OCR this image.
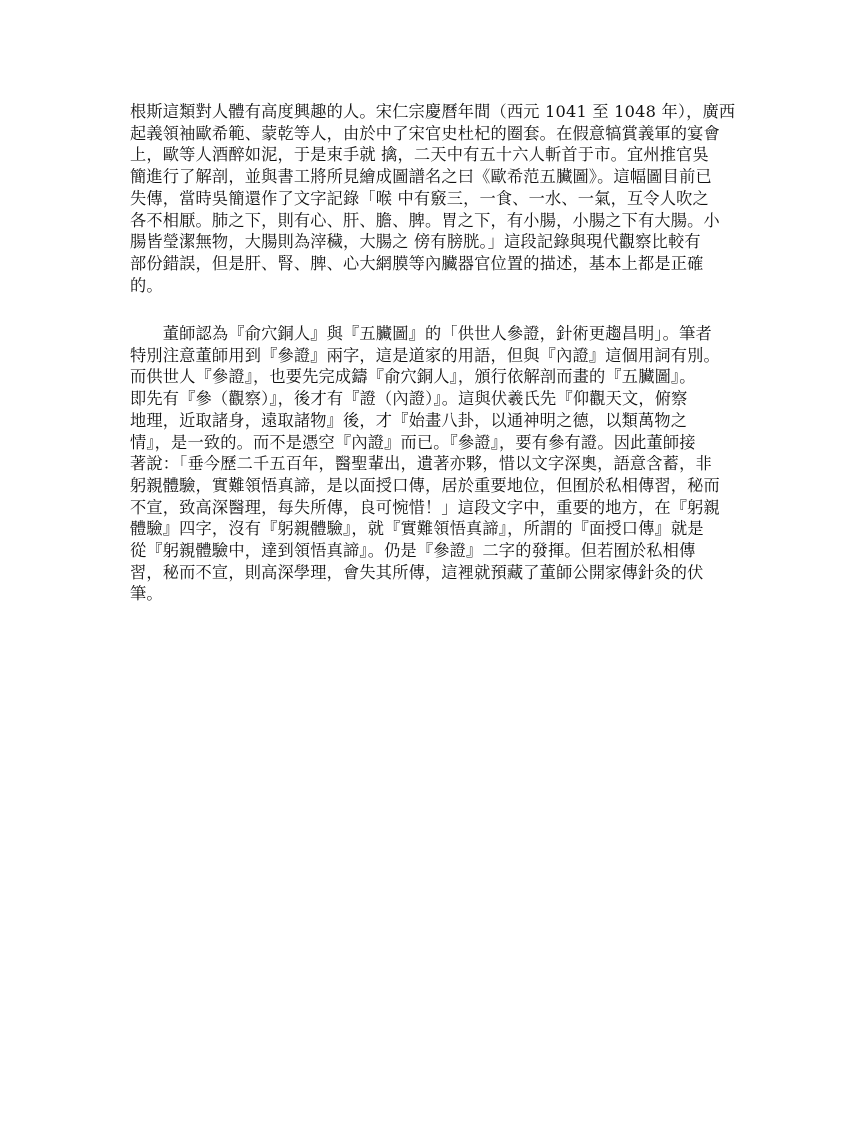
根斯這類對人體有高度興趣的人。宋仁宗慶曆年間（西元 1041 至 1048 年），廣西
起義領袖歐希範、蒙乾等人，由於中了宋官史杜杞的圈套。在假意犒賞義軍的宴會
上，歐等人酒醉如泥，于是束手就 擒，二天中有五十六人斬首于市。宜州推官吳
簡進行了解剖，並與書工將所見繪成圖譜名之曰《歐希范五臟圖》。這幅圖目前已
失傳，當時吳簡還作了文字記錄「喉 中有竅三，一食、一水、一氣，互令人吹之
各不相厭。肺之下，則有心、肝、膽、脾。胃之下，有小腸，小腸之下有大腸。小
腸皆瑩潔無物，大腸則為滓穢，大腸之 傍有膀胱。」這段記錄與現代觀察比較有
部份錯誤，但是肝、腎、脾、心大網膜等內臟器官位置的描述，基本上都是正確
的。
　　董師認為『俞穴銅人』與『五臟圖』的「供世人參證，針術更趨昌明」。筆者
特別注意董師用到『參證』兩字，這是道家的用語，但與『內證』這個用詞有別。
而供世人『參證』，也要先完成鑄『俞穴銅人』，頒行依解剖而畫的『五臟圖』。
即先有『參（觀察）』，後才有『證（內證）』。這與伏羲氏先『仰觀天文，俯察
地理，近取諸身，遠取諸物』後，才『始畫八卦，以通神明之德，以類萬物之
情』，是一致的。而不是憑空『內證』而已。『參證』，要有參有證。因此董師接
著說：「垂今歷二千五百年，醫聖輩出，遺著亦夥，惜以文字深奧，語意含蓄，非
躬親體驗，實難領悟真諦，是以面授口傳，居於重要地位，但囿於私相傳習，秘而
不宣，致高深醫理，每失所傳，良可惋惜！」這段文字中，重要的地方，在『躬親
體驗』四字，沒有『躬親體驗』，就『實難領悟真諦』，所謂的『面授口傳』就是
從『躬親體驗中，達到領悟真諦』。仍是『參證』二字的發揮。但若囿於私相傳
習，秘而不宣，則高深學理，會失其所傳，這裡就預藏了董師公開家傳針灸的伏
筆。
